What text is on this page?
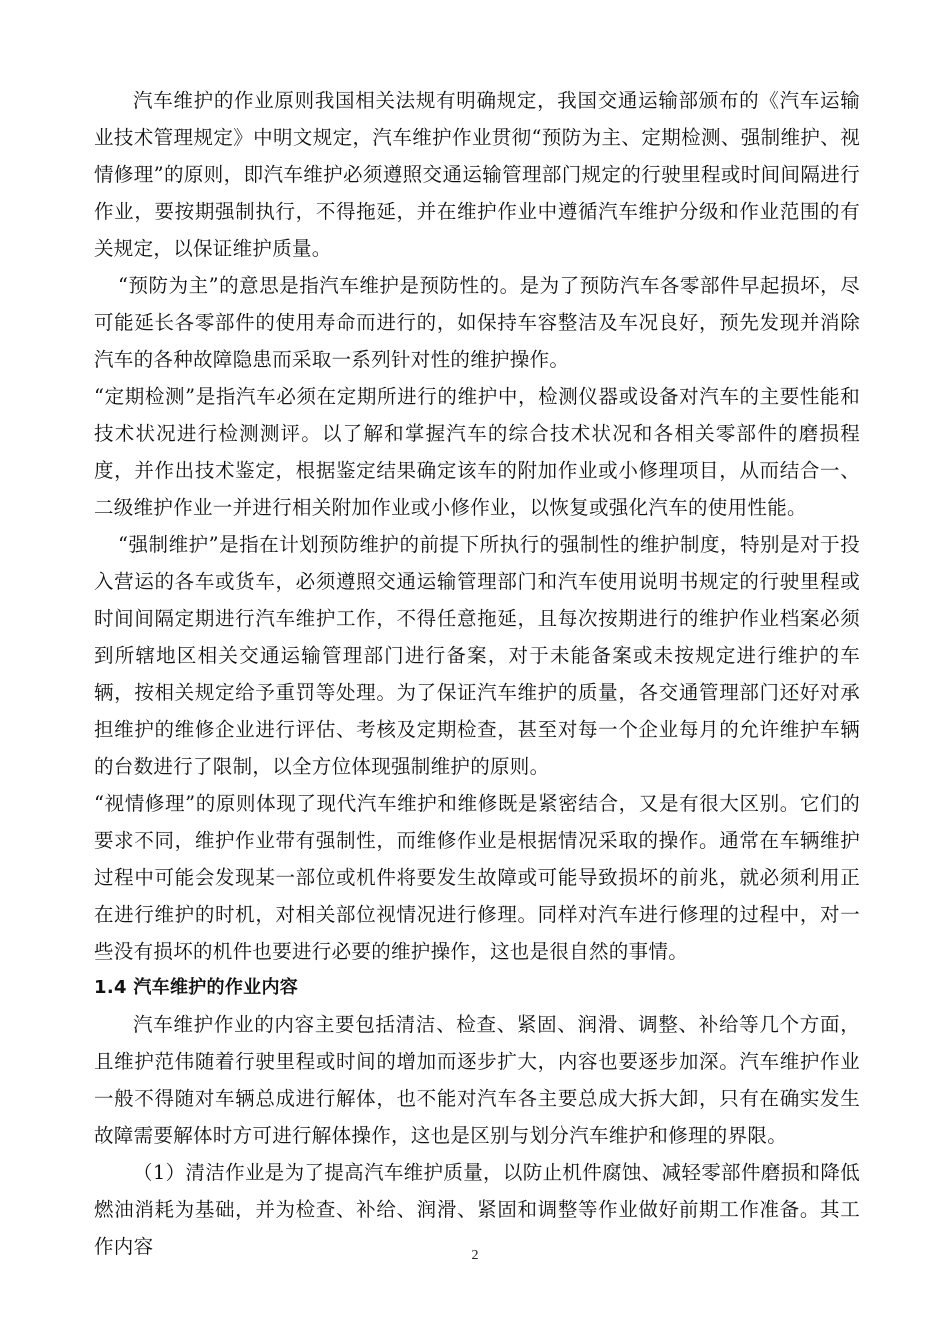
汽车维护的作业原则我国相关法规有明确规定，我国交通运输部颁布的《汽车运输业技术管理规定》中明文规定，汽车维护作业贯彻“预防为主、定期检测、强制维护、视情修理”的原则，即汽车维护必须遵照交通运输管理部门规定的行驶里程或时间间隔进行作业，要按期强制执行，不得拖延，并在维护作业中遵循汽车维护分级和作业范围的有关规定，以保证维护质量。

“预防为主”的意思是指汽车维护是预防性的。是为了预防汽车各零部件早起损坏，尽可能延长各零部件的使用寿命而进行的，如保持车容整洁及车况良好，预先发现并消除汽车的各种故障隐患而采取一系列针对性的维护操作。

“定期检测”是指汽车必须在定期所进行的维护中，检测仪器或设备对汽车的主要性能和技术状况进行检测测评。以了解和掌握汽车的综合技术状况和各相关零部件的磨损程度，并作出技术鉴定，根据鉴定结果确定该车的附加作业或小修理项目，从而结合一、二级维护作业一并进行相关附加作业或小修作业，以恢复或强化汽车的使用性能。

“强制维护”是指在计划预防维护的前提下所执行的强制性的维护制度，特别是对于投入营运的各车或货车，必须遵照交通运输管理部门和汽车使用说明书规定的行驶里程或时间间隔定期进行汽车维护工作，不得任意拖延，且每次按期进行的维护作业档案必须到所辖地区相关交通运输管理部门进行备案，对于未能备案或未按规定进行维护的车辆，按相关规定给予重罚等处理。为了保证汽车维护的质量，各交通管理部门还好对承担维护的维修企业进行评估、考核及定期检查，甚至对每一个企业每月的允许维护车辆的台数进行了限制，以全方位体现强制维护的原则。

“视情修理”的原则体现了现代汽车维护和维修既是紧密结合，又是有很大区别。它们的要求不同，维护作业带有强制性，而维修作业是根据情况采取的操作。通常在车辆维护过程中可能会发现某一部位或机件将要发生故障或可能导致损坏的前兆，就必须利用正在进行维护的时机，对相关部位视情况进行修理。同样对汽车进行修理的过程中，对一些没有损坏的机件也要进行必要的维护操作，这也是很自然的事情。

1.4 汽车维护的作业内容

汽车维护作业的内容主要包括清洁、检查、紧固、润滑、调整、补给等几个方面，且维护范伟随着行驶里程或时间的增加而逐步扩大，内容也要逐步加深。汽车维护作业一般不得随对车辆总成进行解体，也不能对汽车各主要总成大拆大卸，只有在确实发生故障需要解体时方可进行解体操作，这也是区别与划分汽车维护和修理的界限。

（1）清洁作业是为了提高汽车维护质量，以防止机件腐蚀、减轻零部件磨损和降低燃油消耗为基础，并为检查、补给、润滑、紧固和调整等作业做好前期工作准备。其工作内容	2
